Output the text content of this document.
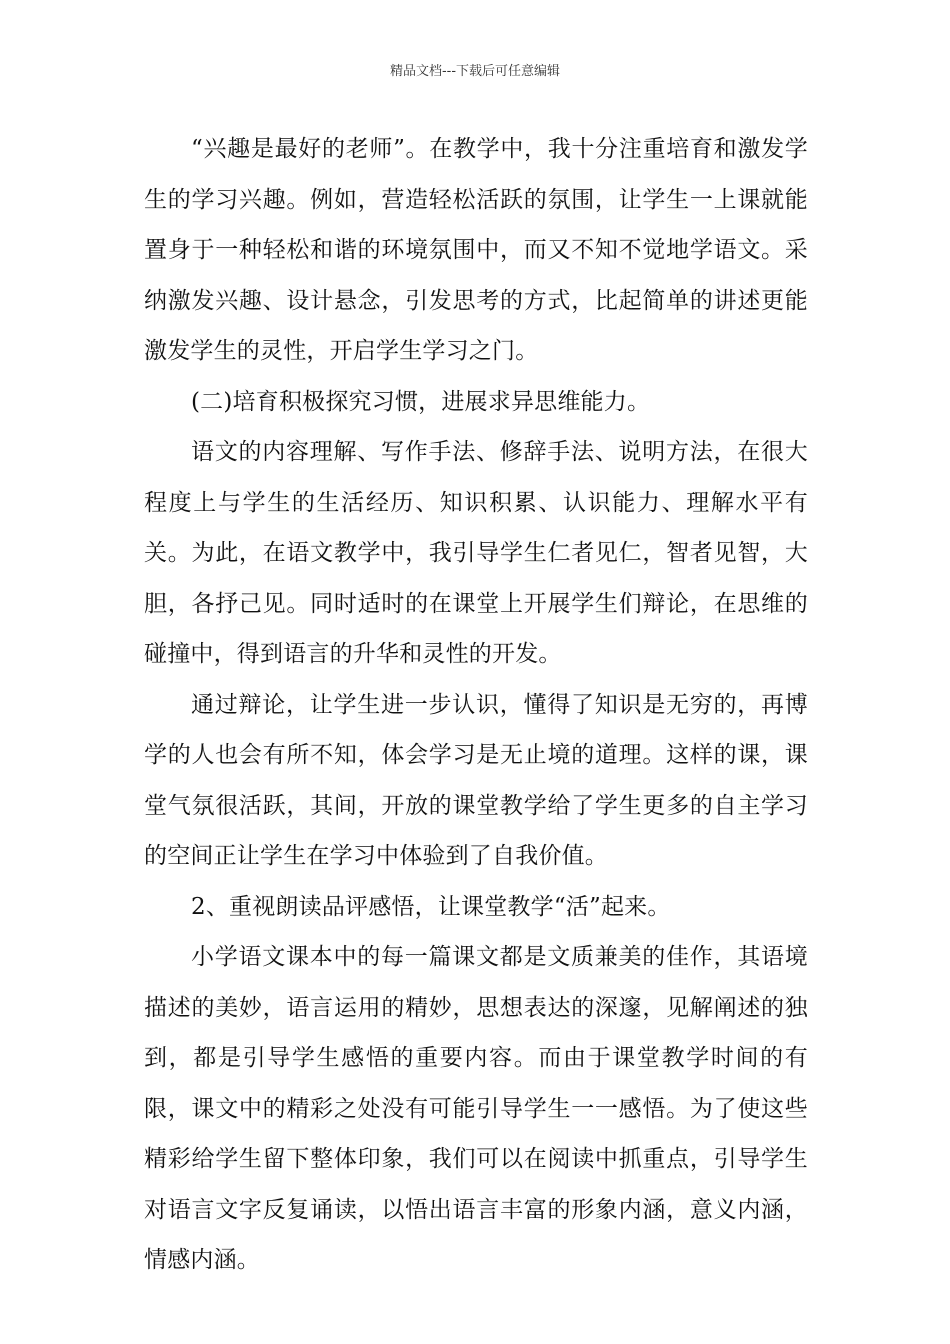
精品文档---下载后可任意编辑

“兴趣是最好的老师”。在教学中，我十分注重培育和激发学生的学习兴趣。例如，营造轻松活跃的氛围，让学生一上课就能置身于一种轻松和谐的环境氛围中，而又不知不觉地学语文。采纳激发兴趣、设计悬念，引发思考的方式，比起简单的讲述更能激发学生的灵性，开启学生学习之门。

(二)培育积极探究习惯，进展求异思维能力。

语文的内容理解、写作手法、修辞手法、说明方法，在很大程度上与学生的生活经历、知识积累、认识能力、理解水平有关。为此，在语文教学中，我引导学生仁者见仁，智者见智，大胆，各抒己见。同时适时的在课堂上开展学生们辩论，在思维的碰撞中，得到语言的升华和灵性的开发。

通过辩论，让学生进一步认识，懂得了知识是无穷的，再博学的人也会有所不知，体会学习是无止境的道理。这样的课，课堂气氛很活跃，其间，开放的课堂教学给了学生更多的自主学习的空间正让学生在学习中体验到了自我价值。

2、重视朗读品评感悟，让课堂教学“活”起来。

小学语文课本中的每一篇课文都是文质兼美的佳作，其语境描述的美妙，语言运用的精妙，思想表达的深邃，见解阐述的独到，都是引导学生感悟的重要内容。而由于课堂教学时间的有限，课文中的精彩之处没有可能引导学生一一感悟。为了使这些精彩给学生留下整体印象，我们可以在阅读中抓重点，引导学生对语言文字反复诵读，以悟出语言丰富的形象内涵，意义内涵，情感内涵。
